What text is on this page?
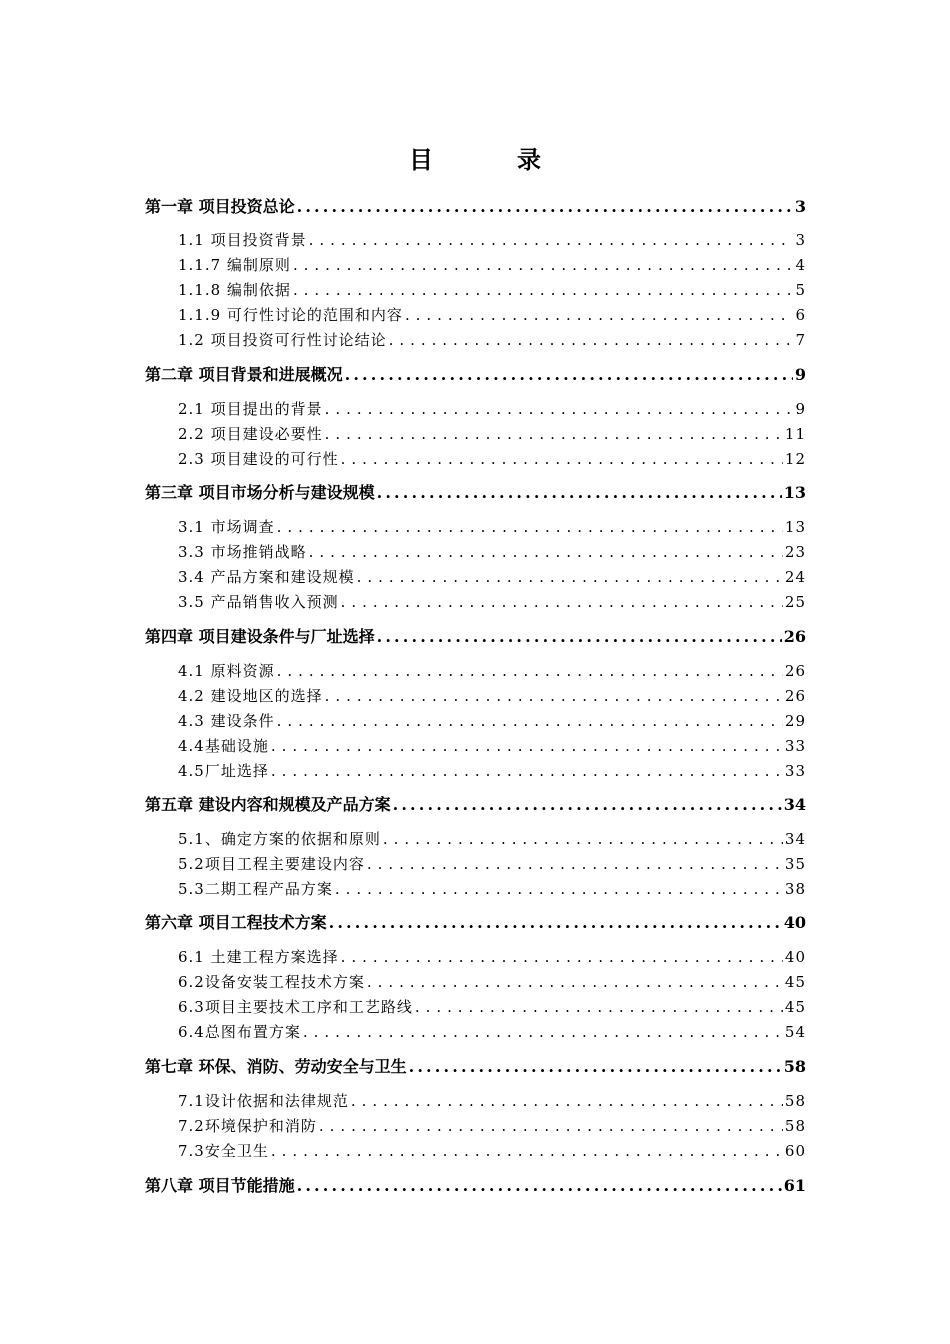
目　录
第一章 项目投资总论 . . .	3
1.1 项目投资背景 . . .	3
1.1.7 编制原则 . . .	4
1.1.8 编制依据 . . .	5
1.1.9 可行性讨论的范围和内容 . . .	6
1.2 项目投资可行性讨论结论 . . .	7
第二章 项目背景和进展概况 . . .	9
2.1 项目提出的背景 . . .	9
2.2 项目建设必要性 . . .	11
2.3 项目建设的可行性 . . .	12
第三章 项目市场分析与建设规模 . . .	13
3.1 市场调查 . . .	13
3.3 市场推销战略 . . .	23
3.4 产品方案和建设规模 . . .	24
3.5 产品销售收入预测 . . .	25
第四章 项目建设条件与厂址选择 . . .	26
4.1 原料资源 . . .	26
4.2 建设地区的选择 . . .	26
4.3 建设条件 . . .	29
4.4基础设施 . . .	33
4.5厂址选择 . . .	33
第五章 建设内容和规模及产品方案 . . .	34
5.1、确定方案的依据和原则 . . .	34
5.2项目工程主要建设内容 . . .	35
5.3二期工程产品方案 . . .	38
第六章 项目工程技术方案 . . .	40
6.1 土建工程方案选择 . . .	40
6.2设备安装工程技术方案 . . .	45
6.3项目主要技术工序和工艺路线 . . .	45
6.4总图布置方案 . . .	54
第七章 环保、消防、劳动安全与卫生 . . .	58
7.1设计依据和法律规范 . . .	58
7.2环境保护和消防 . . .	58
7.3安全卫生 . . .	60
第八章 项目节能措施 . . .	61
